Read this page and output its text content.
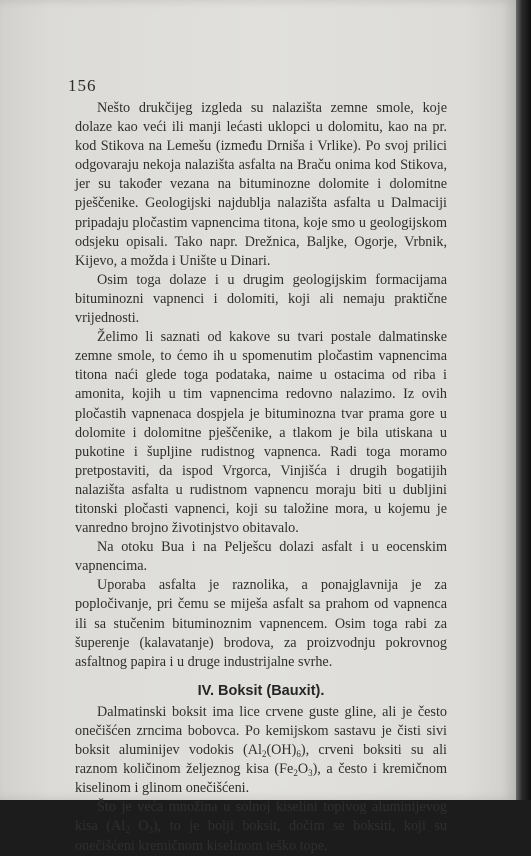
156

Nešto drukčijeg izgleda su nalazišta zemne smole, koje dolaze kao veći ili manji lećasti uklopci u dolomitu, kao na pr. kod Stikova na Lemešu (između Drniša i Vrlike). Po svoj prilici odgovaraju nekoja nalazišta asfalta na Braču onima kod Stikova, jer su također vezana na bituminozne dolomite i dolomitne pješčenike. Geologijski najdublja nalazišta asfalta u Dalmaciji pripadaju pločastim vapnencima titona, koje smo u geologijskom odsjeku opisali. Tako napr. Drežnica, Baljke, Ogorje, Vrbnik, Kijevo, a možda i Unište u Dinari.

Osim toga dolaze i u drugim geologijskim formacijama bituminozni vapnenci i dolomiti, koji ali nemaju praktične vrijednosti.

Želimo li saznati od kakove su tvari postale dalmatinske zemne smole, to ćemo ih u spomenutim pločastim vapnencima titona naći glede toga podataka, naime u ostacima od riba i amonita, kojih u tim vapnencima redovno nalazimo. Iz ovih pločastih vapnenaca dospjela je bituminozna tvar prama gore u dolomite i dolomitne pješčenike, a tlakom je bila utiskana u pukotine i šupljine rudistnog vapnenca. Radi toga moramo pretpostaviti, da ispod Vrgorca, Vinjišća i drugih bogatijih nalazišta asfalta u rudistnom vapnencu moraju biti u dubljini titonski pločasti vapnenci, koji su taložine mora, u kojemu je vanredno brojno životinjstvo obitavalo.

Na otoku Bua i na Pelješcu dolazi asfalt i u eocenskim vapnencima.

Uporaba asfalta je raznolika, a ponajglavnija je za popločivanje, pri čemu se miješa asfalt sa prahom od vapnenca ili sa stučenim bituminoznim vapnencem. Osim toga rabi za šuperenje (kalavatanje) brodova, za proizvodnju pokrovnog asfaltnog papira i u druge industrijalne svrhe.

IV. Boksit (Bauxit).

Dalmatinski boksit ima lice crvene guste gline, ali je često onečišćen zrncima bobovca. Po kemijskom sastavu je čisti sivi boksit aluminijev vodokis $(Al_2(OH)_6)$, crveni boksiti su ali raznom količinom željeznog kisa $(Fe_2O_3)$, a često i kremičnom kiselinom i glinom onečišćeni.

Što je veća množina u solnoj kiselini topivog aluminijevog kisa ($Al_2$ $O_3$), to je bolji boksit, dočim se boksiti, koji su onečišćeni kremičnom kiselinom teško tope.
